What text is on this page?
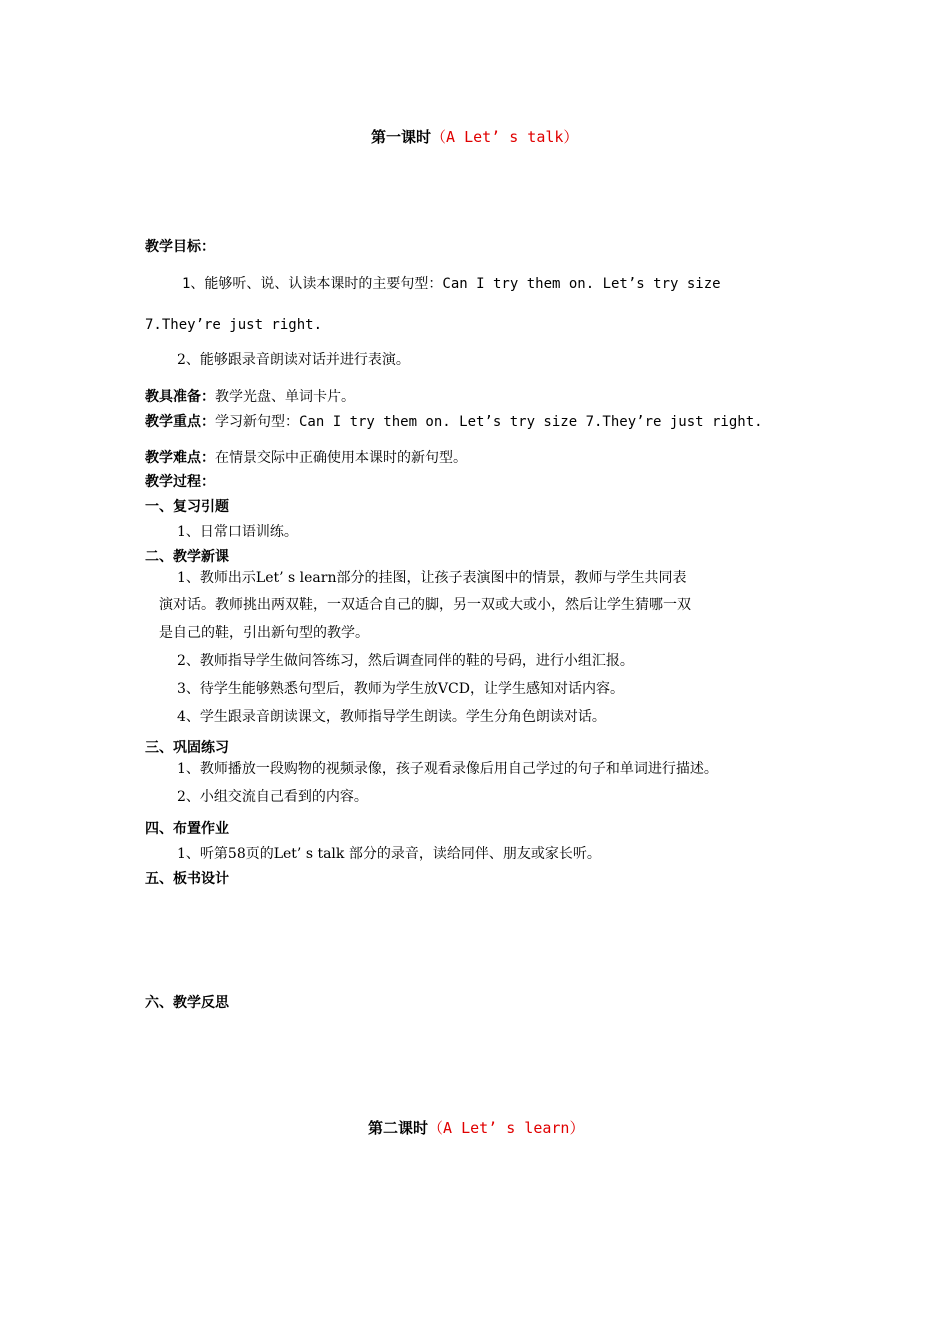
第一课时（A Let’ s talk）
教学目标：
1、能够听、说、认读本课时的主要句型：Can I try them on. Let’s try size
7.They’re just right.
2、能够跟录音朗读对话并进行表演。
教具准备：教学光盘、单词卡片。
教学重点：学习新句型：Can I try them on. Let’s try size 7.They’re just right.
教学难点：在情景交际中正确使用本课时的新句型。
教学过程：
一、复习引题
1、日常口语训练。
二、教学新课
1、教师出示Let’ s learn部分的挂图，让孩子表演图中的情景，教师与学生共同表
演对话。教师挑出两双鞋，一双适合自己的脚，另一双或大或小，然后让学生猜哪一双
是自己的鞋，引出新句型的教学。
2、教师指导学生做问答练习，然后调查同伴的鞋的号码，进行小组汇报。
3、待学生能够熟悉句型后，教师为学生放VCD，让学生感知对话内容。
4、学生跟录音朗读课文，教师指导学生朗读。学生分角色朗读对话。
三、巩固练习
1、教师播放一段购物的视频录像，孩子观看录像后用自己学过的句子和单词进行描述。
2、小组交流自己看到的内容。
四、布置作业
1、听第58页的Let’ s talk 部分的录音，读给同伴、朋友或家长听。
五、板书设计
六、教学反思
第二课时（A Let’ s learn）
